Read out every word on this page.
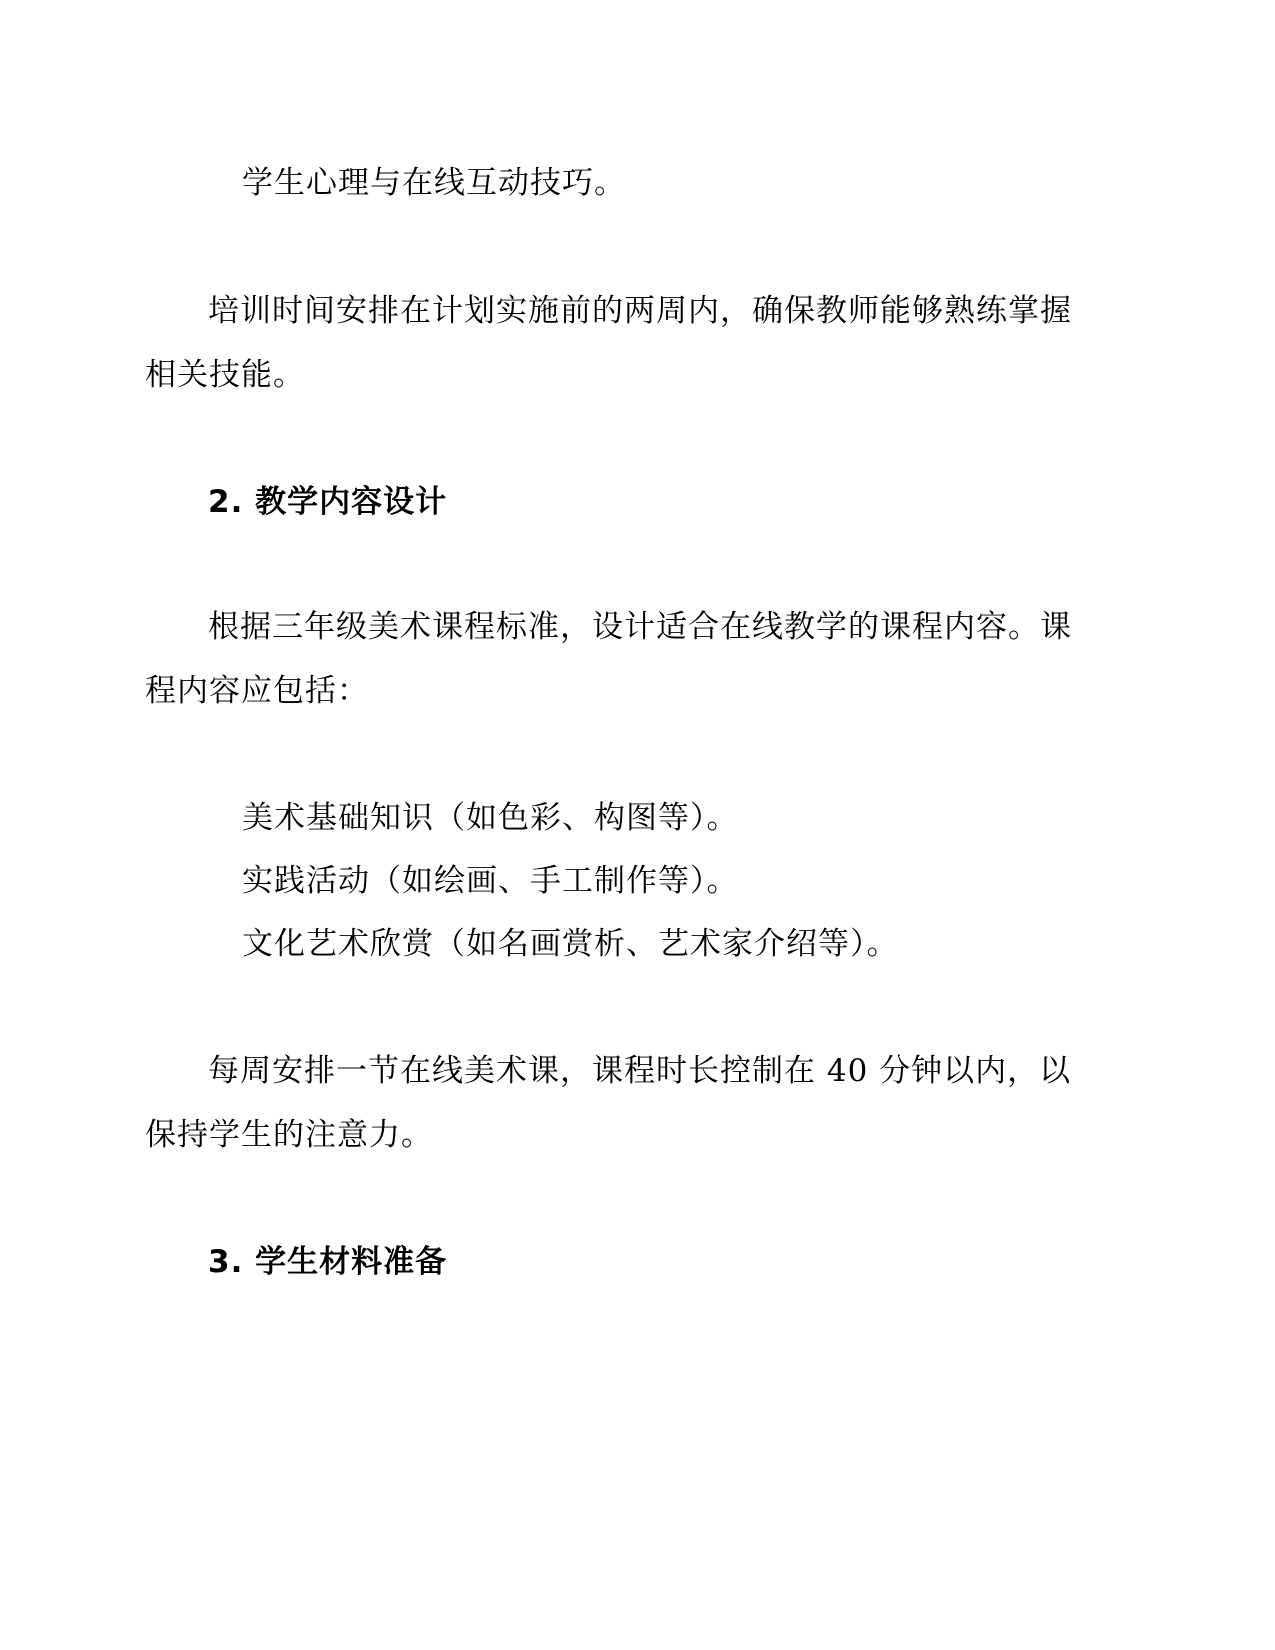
学生心理与在线互动技巧。
培训时间安排在计划实施前的两周内，确保教师能够熟练掌握
相关技能。
2. 教学内容设计
根据三年级美术课程标准，设计适合在线教学的课程内容。课
程内容应包括：
美术基础知识（如色彩、构图等）。
实践活动（如绘画、手工制作等）。
文化艺术欣赏（如名画赏析、艺术家介绍等）。
每周安排一节在线美术课，课程时长控制在 40 分钟以内，以
保持学生的注意力。
3. 学生材料准备
